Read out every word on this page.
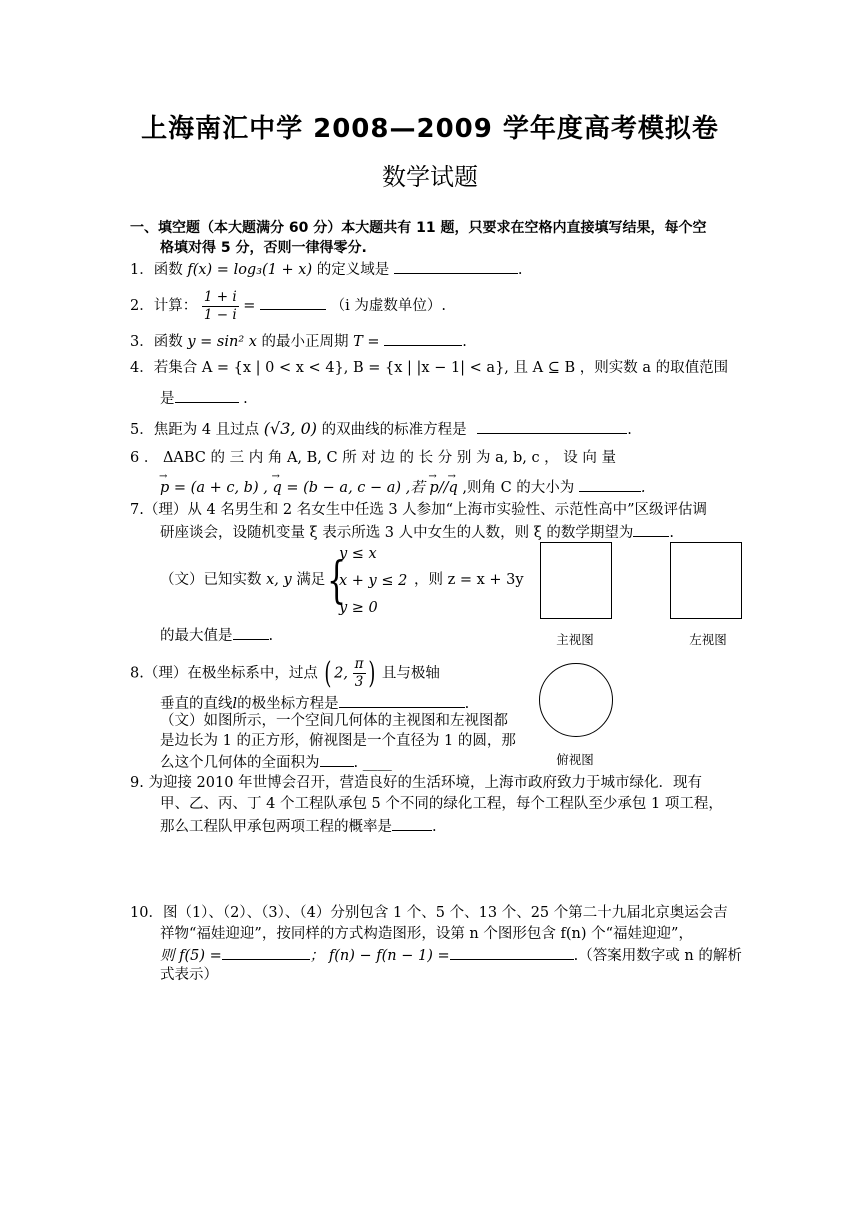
上海南汇中学 2008—2009 学年度高考模拟卷
数学试题
一、填空题（本大题满分 60 分）本大题共有 11 题，只要求在空格内直接填写结果，每个空
格填对得 5 分，否则一律得零分.
1．函数 f(x) = log₃(1 + x) 的定义域是	.
2．计算： $\frac{1 + i}{1 - i}$ =	（i 为虚数单位）.
3．函数 y = sin² x 的最小正周期 T =	.
4．若集合 A = {x | 0 < x < 4}, B = {x | |x − 1| < a}, 且 A ⊆ B ，则实数 a 的取值范围
是	.
5．焦距为 4 且过点 (√3, 0) 的双曲线的标准方程是	.
6 ． ΔABC 的 三 内 角 A, B, C 所 对 边 的 长 分 别 为 a, b, c ， 设 向 量
→ p = (a + c, b) , → q = (b − a, c − a) ,若 → p//→ q ,则角 C 的大小为	.
7.（理）从 4 名男生和 2 名女生中任选 3 人参加“上海市实验性、示范性高中”区级评估调
研座谈会，设随机变量 ξ 表示所选 3 人中女生的人数，则 ξ 的数学期望为 .
（文）已知实数 x, y 满足 {
y ≤ x
x + y ≤ 2
y ≥ 0
，则 z = x + 3y
的最大值是 .	主视图	左视图
俯视图
8.（理）在极坐标系中，过点 ( 2, $\frac{\pi}{3}$ ) 且与极轴
垂直的直线l的极坐标方程是	.
（文）如图所示，一个空间几何体的主视图和左视图都
是边长为 1 的正方形，俯视图是一个直径为 1 的圆，那
么这个几何体的全面积为 . ____
9. 为迎接 2010 年世博会召开，营造良好的生活环境，上海市政府致力于城市绿化．现有
甲、乙、丙、丁 4 个工程队承包 5 个不同的绿化工程，每个工程队至少承包 1 项工程，
那么工程队甲承包两项工程的概率是	.
10．图（1）、（2）、（3）、（4）分别包含 1 个、5 个、13 个、25 个第二十九届北京奥运会吉
祥物“福娃迎迎”，按同样的方式构造图形，设第 n 个图形包含 f(n) 个“福娃迎迎”，
则 f(5) =	； f(n) − f(n − 1) =	.（答案用数字或 n 的解析
式表示）
